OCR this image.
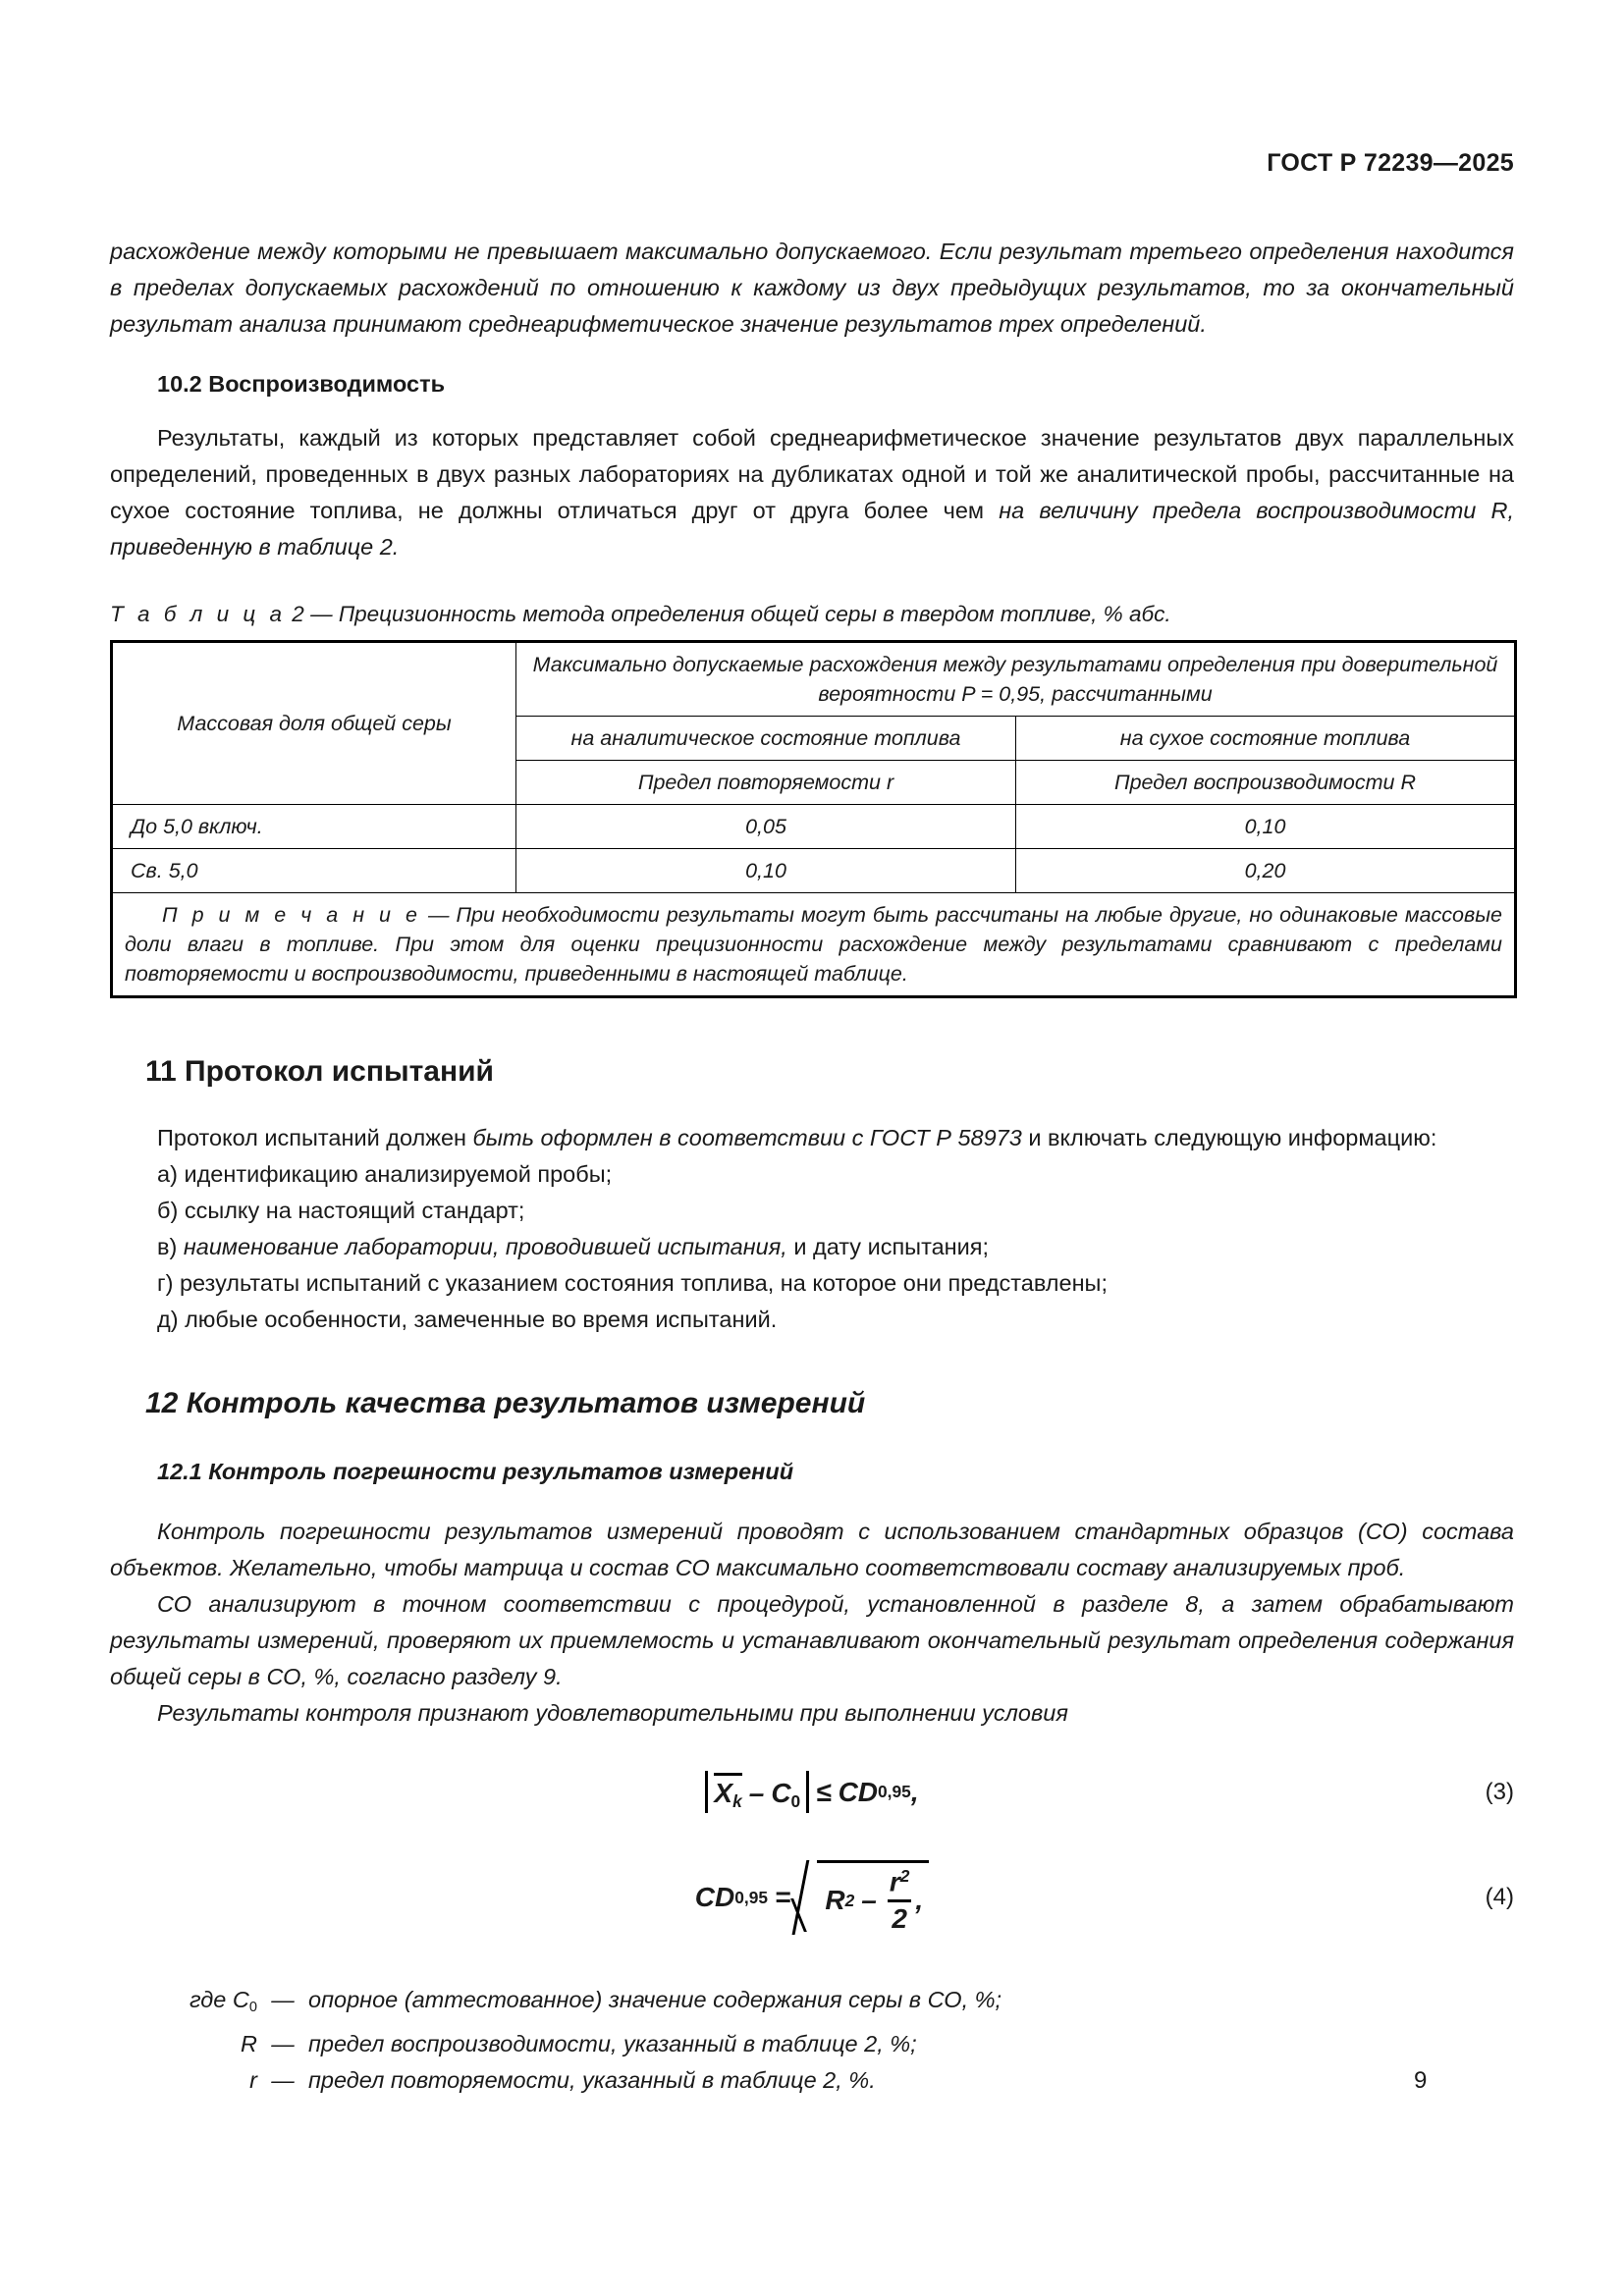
ГОСТ Р 72239—2025

расхождение между которыми не превышает максимально допускаемого. Если результат третьего определения находится в пределах допускаемых расхождений по отношению к каждому из двух предыдущих результатов, то за окончательный результат анализа принимают среднеарифметическое значение результатов трех определений.

10.2 Воспроизводимость

Результаты, каждый из которых представляет собой среднеарифметическое значение результатов двух параллельных определений, проведенных в двух разных лабораториях на дубликатах одной и той же аналитической пробы, рассчитанные на сухое состояние топлива, не должны отличаться друг от друга более чем на величину предела воспроизводимости R, приведенную в таблице 2.

Т а б л и ц а 2 — Прецизионность метода определения общей серы в твердом топливе, % абс.
Массовая доля общей серы	Максимально допускаемые расхождения между результатами определения при доверительной вероятности P = 0,95, рассчитанными	
	на аналитическое состояние топлива	на сухое состояние топлива
	Предел повторяемости r	Предел воспроизводимости R
До 5,0 включ.	0,05	0,10
Св. 5,0	0,10	0,20
П р и м е ч а н и е — При необходимости результаты могут быть рассчитаны на любые другие, но одинаковые массовые доли влаги в топливе. При этом для оценки прецизионности расхождение между результатами сравнивают с пределами повторяемости и воспроизводимости, приведенными в настоящей таблице.		
11 Протокол испытаний

Протокол испытаний должен быть оформлен в соответствии с ГОСТ Р 58973 и включать следующую информацию:

а) идентификацию анализируемой пробы;

б) ссылку на настоящий стандарт;

в) наименование лаборатории, проводившей испытания, и дату испытания;

г) результаты испытаний с указанием состояния топлива, на которое они представлены;

д) любые особенности, замеченные во время испытаний.

12 Контроль качества результатов измерений
12.1 Контроль погрешности результатов измерений

Контроль погрешности результатов измерений проводят с использованием стандартных образцов (СО) состава объектов. Желательно, чтобы матрица и состав СО максимально соответствовали составу анализируемых проб.

СО анализируют в точном соответствии с процедурой, установленной в разделе 8, а затем обрабатывают результаты измерений, проверяют их приемлемость и устанавливают окончательный результат определения содержания общей серы в СО, %, согласно разделу 9.

Результаты контроля признают удовлетворительными при выполнении условия

$X_k - C_0$ ≤ CD 0,95 ,	(3)
CD 0,95 = R $2 - \frac{r^2}{2}$ ,	(4)
где $C_0$	—	опорное (аттестованное) значение содержания серы в СО, %;
R	—	предел воспроизводимости, указанный в таблице 2, %;
r	—	предел повторяемости, указанный в таблице 2, %.	9
